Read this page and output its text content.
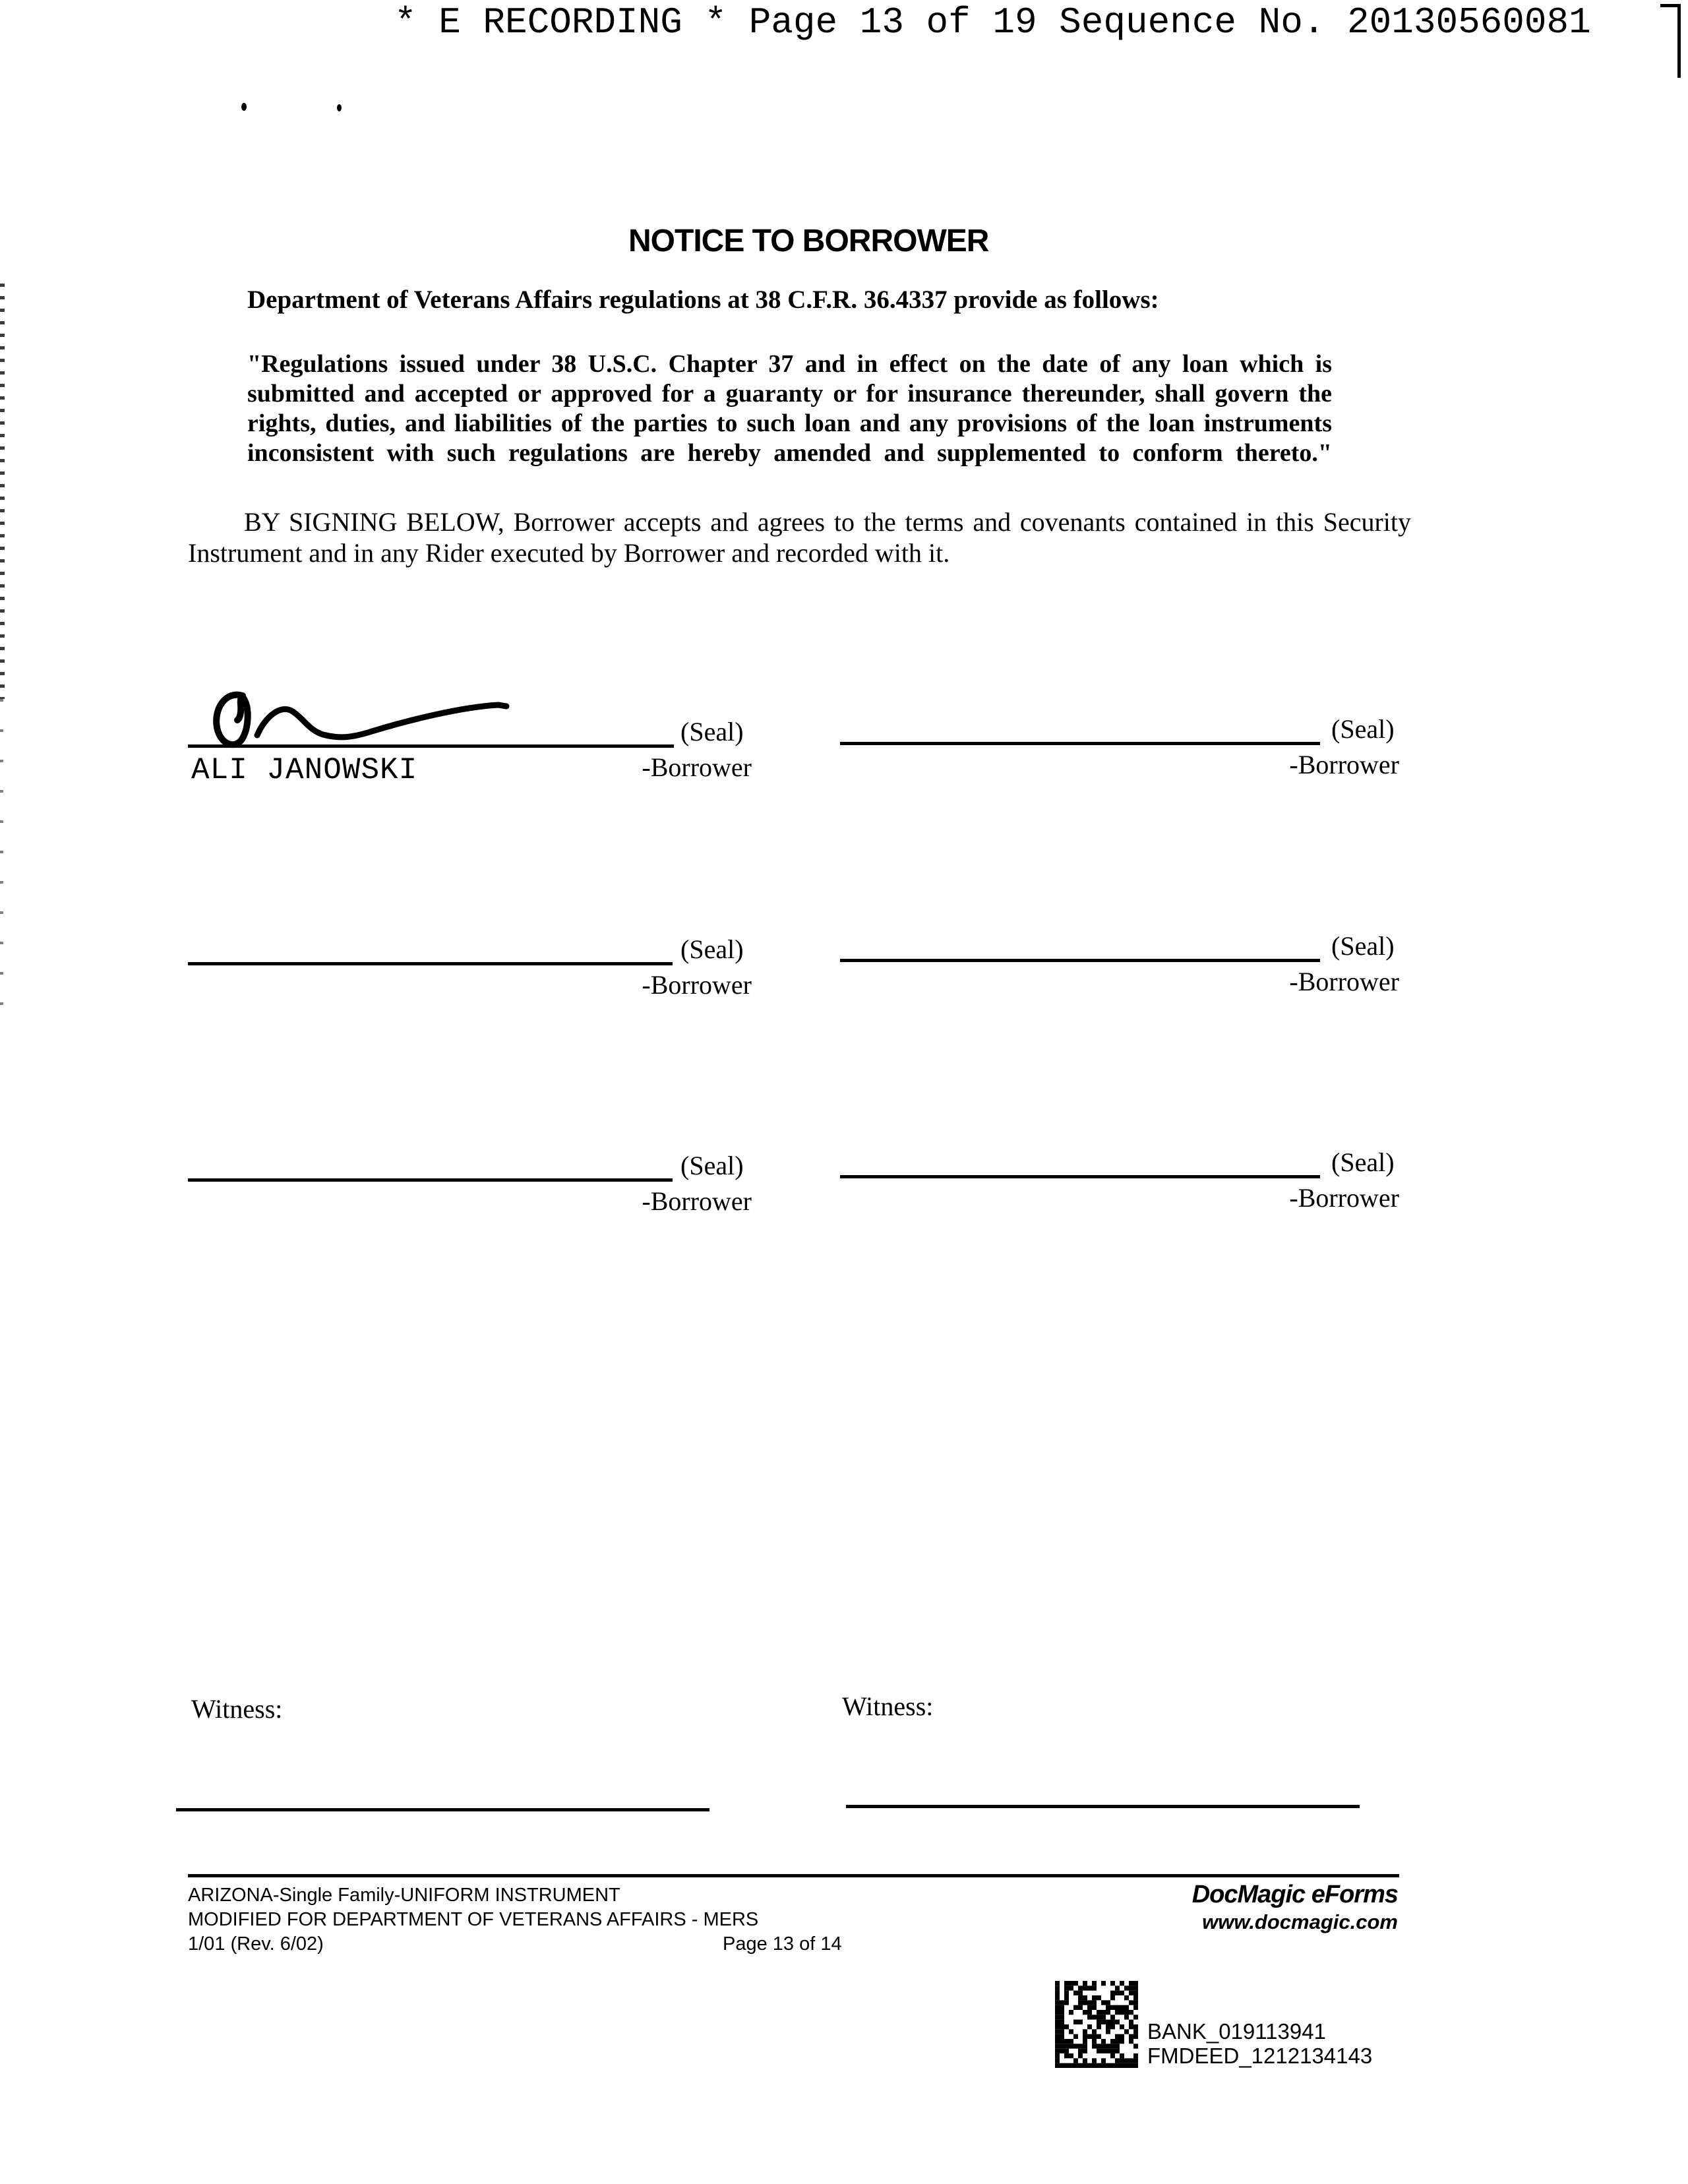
* E RECORDING * Page 13 of 19 Sequence No. 20130560081
NOTICE TO BORROWER
Department of Veterans Affairs regulations at 38 C.F.R. 36.4337 provide as follows:
"Regulations issued under 38 U.S.C. Chapter 37 and in effect on the date of any loan which is
submitted and accepted or approved for a guaranty or for insurance thereunder, shall govern the
rights, duties, and liabilities of the parties to such loan and any provisions of the loan instruments
inconsistent with such regulations are hereby amended and supplemented to conform thereto."
BY SIGNING BELOW, Borrower accepts and agrees to the terms and covenants contained in this Security
Instrument and in any Rider executed by Borrower and recorded with it.
(Seal)
-Borrower
ALI JANOWSKI
(Seal)
-Borrower
(Seal)
-Borrower
(Seal)
-Borrower
(Seal)
-Borrower
(Seal)
-Borrower
Witness:	Witness:
ARIZONA-Single Family-UNIFORM INSTRUMENT
MODIFIED FOR DEPARTMENT OF VETERANS AFFAIRS - MERS
1/01 (Rev. 6/02)	Page 13 of 14
DocMagic eForms
www.docmagic.com
BANK_019113941
FMDEED_1212134143
